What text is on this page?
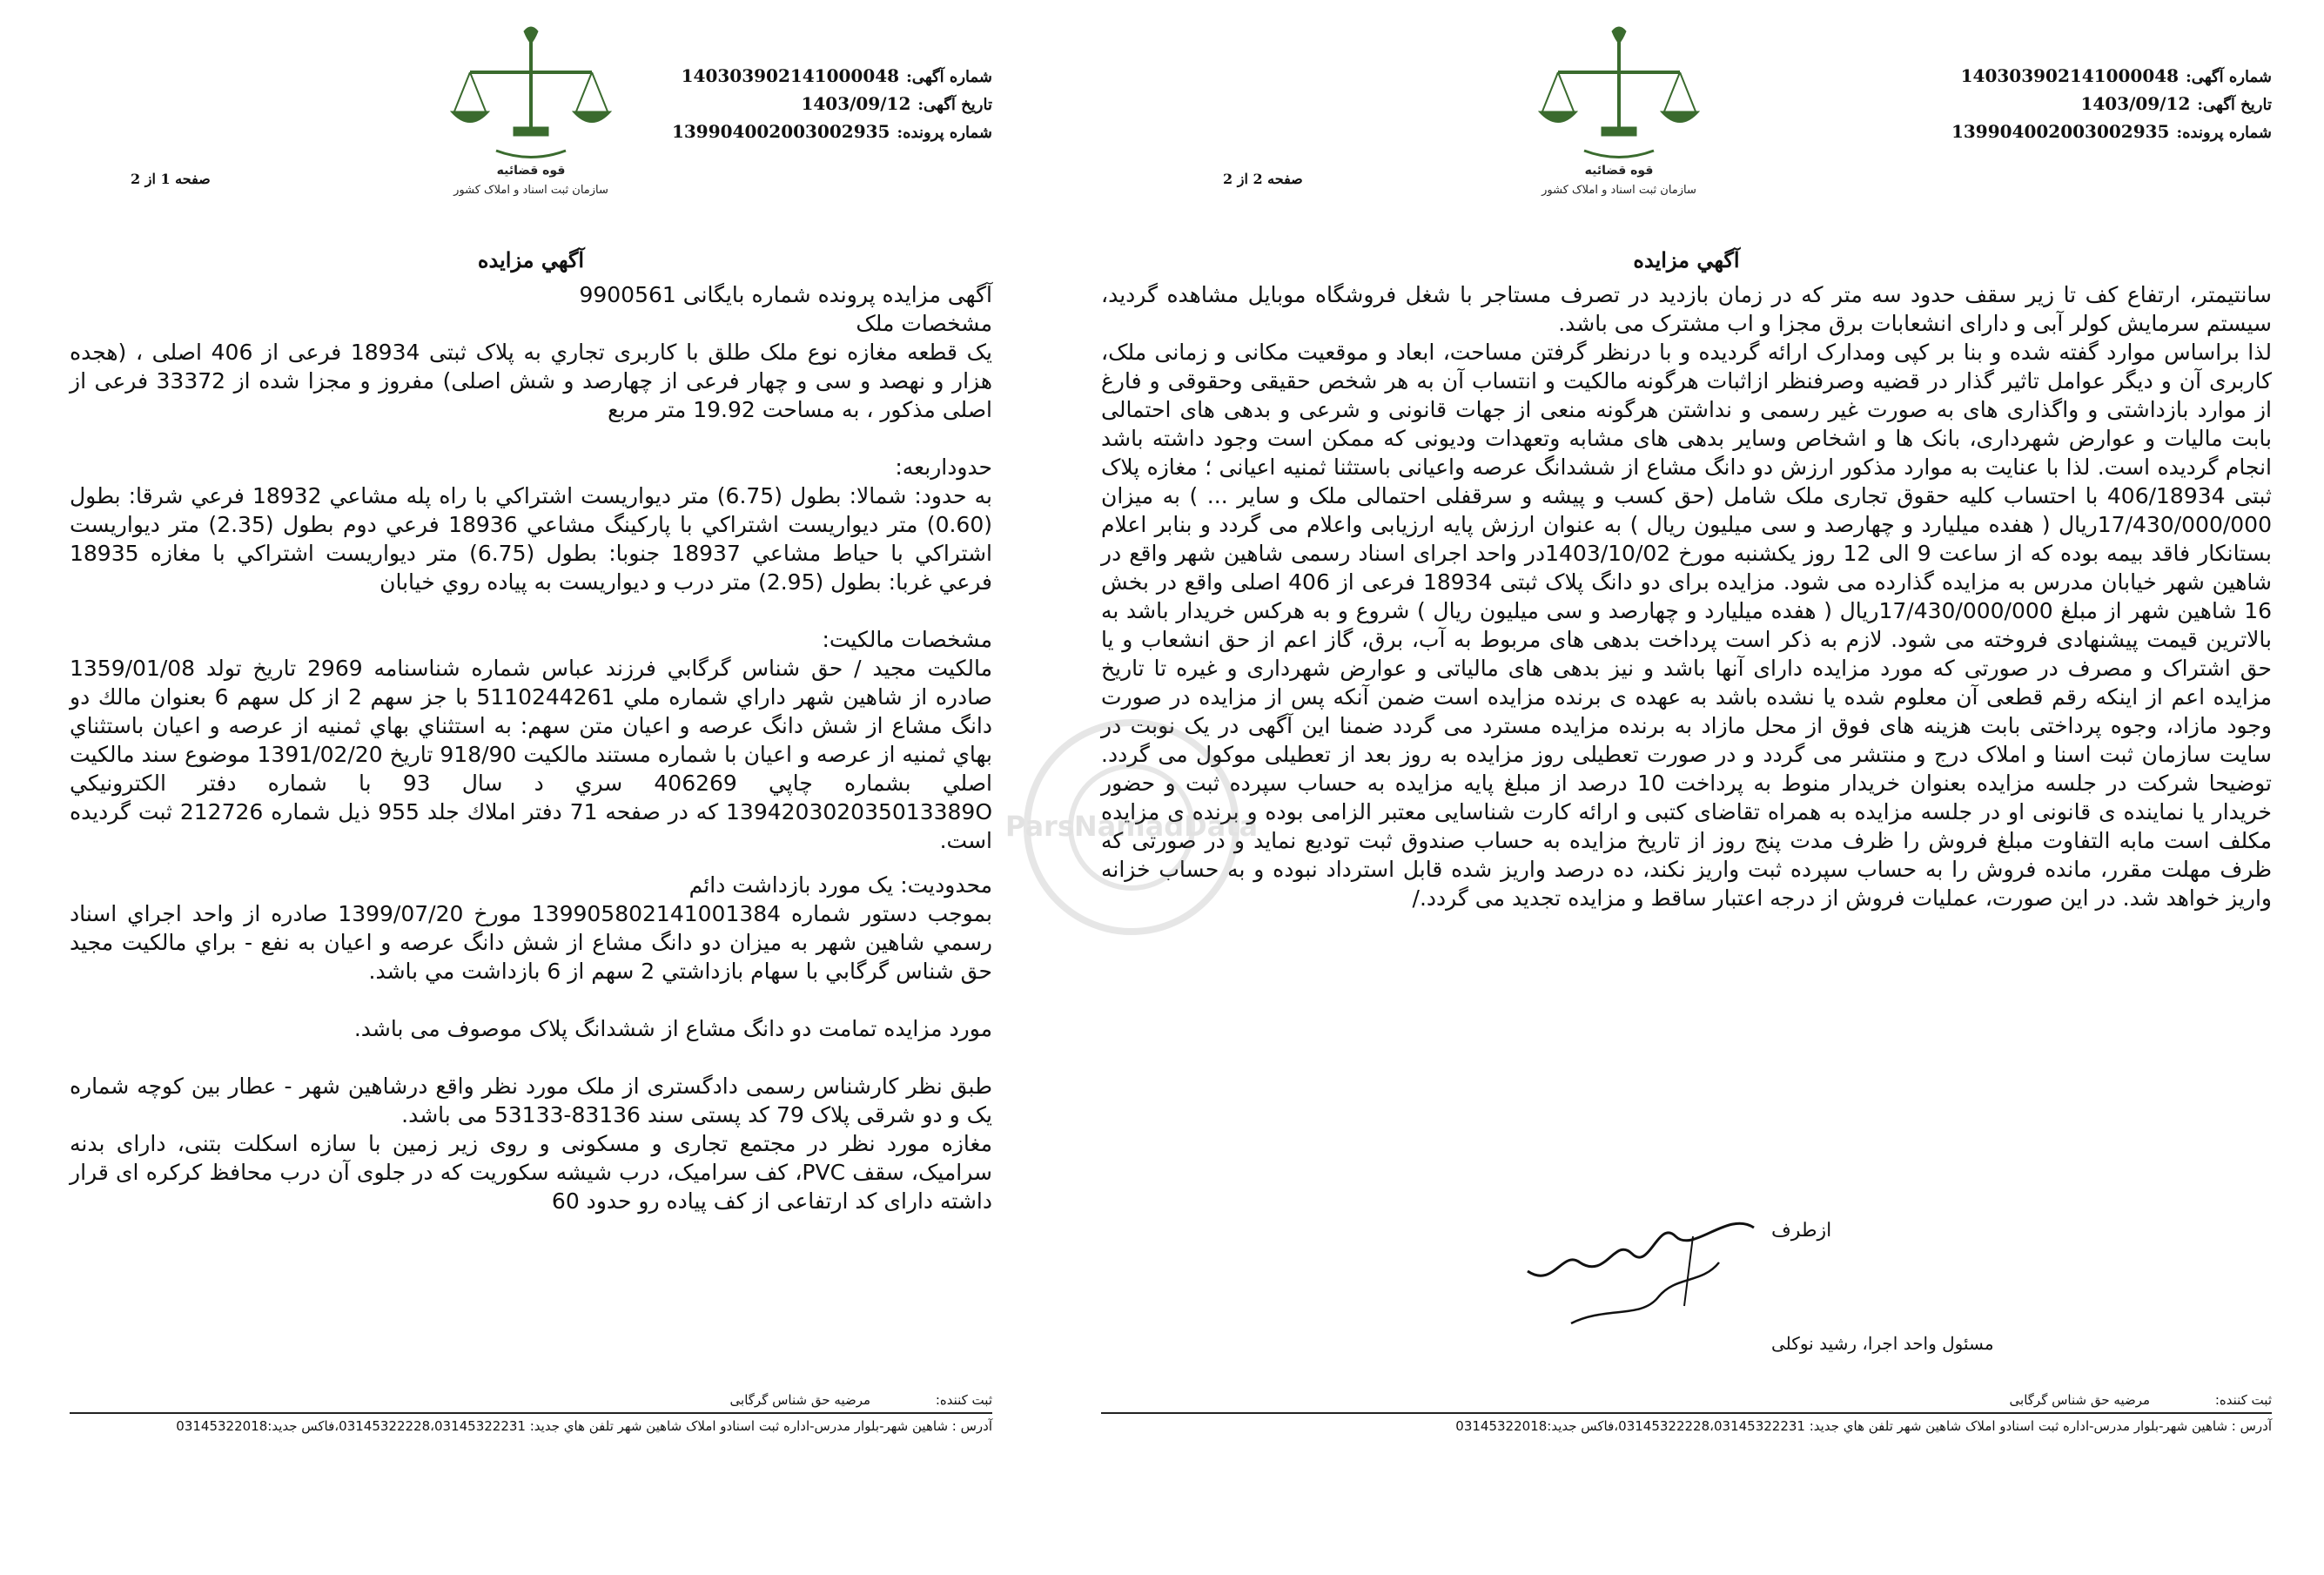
شماره آگهی:140303902141000048
تاریخ آگهی:1403/09/12
شماره پرونده:139904002003002935
قوه قضائیه
سازمان ثبت اسناد و املاک کشور
صفحه 1 از 2
آگهي مزايده

آگهی مزایده پرونده شماره بایگانی 9900561

مشخصات ملک

یک قطعه مغازه نوع ملک طلق با کاربری تجاري به پلاک ثبتی 18934 فرعی از 406 اصلی ، (هجده هزار و نهصد و سی و چهار فرعی از چهارصد و شش اصلی) مفروز و مجزا شده از 33372 فرعی از اصلی مذکور ، به مساحت 19.92 متر مربع

حدوداربعه:

به حدود: شمالا: بطول (6.75) متر ديواريست اشتراكي با راه پله مشاعي 18932 فرعي شرقا: بطول (0.60) متر ديواريست اشتراكي با پاركينگ مشاعي 18936 فرعي دوم بطول (2.35) متر ديواريست اشتراكي با حياط مشاعي 18937 جنوبا: بطول (6.75) متر ديواريست اشتراكي با مغازه 18935 فرعي غربا: بطول (2.95) متر درب و ديواريست به پياده روي خيابان

مشخصات مالکیت:

مالکیت مجید / حق شناس گرگابي فرزند عباس شماره شناسنامه 2969 تاريخ تولد 1359/01/08 صادره از شاهين شهر داراي شماره ملي 5110244261 با جز سهم 2 از كل سهم 6 بعنوان مالك دو دانگ مشاع از شش دانگ عرصه و اعيان متن سهم: به استثناي بهاي ثمنيه از عرصه و اعيان باستثناي بهاي ثمنيه از عرصه و اعيان با شماره مستند مالكيت 918/90 تاريخ 1391/02/20 موضوع سند مالكيت اصلي بشماره چاپي 406269 سري د سال 93 با شماره دفتر الكترونيكي 139420302035013389O كه در صفحه 71 دفتر املاك جلد 955 ذيل شماره 212726 ثبت گرديده است.

محدودیت: یک مورد بازداشت دائم

بموجب دستور شماره 139905802141001384 مورخ 1399/07/20 صادره از واحد اجراي اسناد رسمي شاهين شهر به ميزان دو دانگ مشاع از شش دانگ عرصه و اعيان به نفع - براي مالكيت مجيد حق شناس گرگابي با سهام بازداشتي 2 سهم از 6 بازداشت مي باشد.

مورد مزایده تمامت دو دانگ مشاع از ششدانگ پلاک موصوف می باشد.

طبق نظر کارشناس رسمی دادگستری از ملک مورد نظر واقع درشاهین شهر - عطار بین کوچه شماره یک و دو شرقی پلاک 79 کد پستی سند 83136-53133 می باشد.

مغازه مورد نظر در مجتمع تجاری و مسکونی و روی زیر زمین با سازه اسکلت بتنی، دارای بدنه سرامیک، سقف PVC، کف سرامیک، درب شیشه سکوریت که در جلوی آن درب محافظ کرکره ای قرار داشته دارای کد ارتفاعی از کف پیاده رو حدود 60

ثبت کننده: مرضیه حق شناس گرگابی
آدرس : شاهین شهر-بلوار مدرس-اداره ثبت اسنادو املاک شاهین شهر تلفن هاي جديد: 03145322228،03145322231،فاكس جديد:03145322018
شماره آگهی:140303902141000048
تاریخ آگهی:1403/09/12
شماره پرونده:139904002003002935
قوه قضائیه
سازمان ثبت اسناد و املاک کشور
صفحه 2 از 2
آگهي مزايده

سانتیمتر، ارتفاع کف تا زیر سقف حدود سه متر که در زمان بازدید در تصرف مستاجر با شغل فروشگاه موبایل مشاهده گردید، سیستم سرمایش کولر آبی و دارای انشعابات برق مجزا و اب مشترک می باشد.

لذا براساس موارد گفته شده و بنا بر کپی ومدارک ارائه گردیده و با درنظر گرفتن مساحت، ابعاد و موقعیت مکانی و زمانی ملک، کاربری آن و دیگر عوامل تاثیر گذار در قضیه وصرفنظر ازاثبات هرگونه مالکیت و انتساب آن به هر شخص حقیقی وحقوقی و فارغ از موارد بازداشتی و واگذاری های به صورت غیر رسمی و نداشتن هرگونه منعی از جهات قانونی و شرعی و بدهی های احتمالی بابت مالیات و عوارض شهرداری، بانک ها و اشخاص وسایر بدهی های مشابه وتعهدات ودیونی که ممکن است وجود داشته باشد انجام گردیده است. لذا با عنایت به موارد مذکور ارزش دو دانگ مشاع از ششدانگ عرصه واعیانی باستثنا ثمنیه اعیانی ؛ مغازه پلاک ثبتی 406/18934 با احتساب کلیه حقوق تجاری ملک شامل (حق کسب و پیشه و سرقفلی احتمالی ملک و سایر ... ) به میزان 17/430/000/000ریال ( هفده میلیارد و چهارصد و سی میلیون ریال ) به عنوان ارزش پایه ارزیابی واعلام می گردد و بنابر اعلام بستانکار فاقد بیمه بوده که از ساعت 9 الی 12 روز یکشنبه مورخ 1403/10/02در واحد اجرای اسناد رسمی شاهین شهر واقع در شاهین شهر خیابان مدرس به مزایده گذارده می شود. مزایده برای دو دانگ پلاک ثبتی 18934 فرعی از 406 اصلی واقع در بخش 16 شاهین شهر از مبلغ 17/430/000/000ریال ( هفده میلیارد و چهارصد و سی میلیون ریال ) شروع و به هرکس خریدار باشد به بالاترین قیمت پیشنهادی فروخته می شود. لازم به ذکر است پرداخت بدهی های مربوط به آب، برق، گاز اعم از حق انشعاب و یا حق اشتراک و مصرف در صورتی که مورد مزایده دارای آنها باشد و نیز بدهی های مالیاتی و عوارض شهرداری و غیره تا تاریخ مزایده اعم از اینکه رقم قطعی آن معلوم شده یا نشده باشد به عهده ی برنده مزایده است ضمن آنکه پس از مزایده در صورت وجود مازاد، وجوه پرداختی بابت هزینه های فوق از محل مازاد به برنده مزایده مسترد می گردد ضمنا این آگهی در یک نوبت در سایت سازمان ثبت اسنا و املاک درج و منتشر می گردد و در صورت تعطیلی روز مزایده به روز بعد از تعطیلی موکول می گردد. توضیحا شرکت در جلسه مزایده بعنوان خریدار منوط به پرداخت 10 درصد از مبلغ پایه مزایده به حساب سپرده ثبت و حضور خریدار یا نماینده ی قانونی او در جلسه مزایده به همراه تقاضای کتبی و ارائه کارت شناسایی معتبر الزامی بوده و برنده ی مزایده مکلف است مابه التفاوت مبلغ فروش را ظرف مدت پنج روز از تاریخ مزایده به حساب صندوق ثبت تودیع نماید و در صورتی که ظرف مهلت مقرر، مانده فروش را به حساب سپرده ثبت واریز نکند، ده درصد واریز شده قابل استرداد نبوده و به حساب خزانه واریز خواهد شد. در این صورت، عملیات فروش از درجه اعتبار ساقط و مزایده تجدید می گردد./

ازطرف
مسئول واحد اجرا، رشید نوکلی
ثبت کننده: مرضیه حق شناس گرگابی
آدرس : شاهین شهر-بلوار مدرس-اداره ثبت اسنادو املاک شاهین شهر تلفن هاي جديد: 03145322228،03145322231،فاكس جديد:03145322018
ParsNamadData
